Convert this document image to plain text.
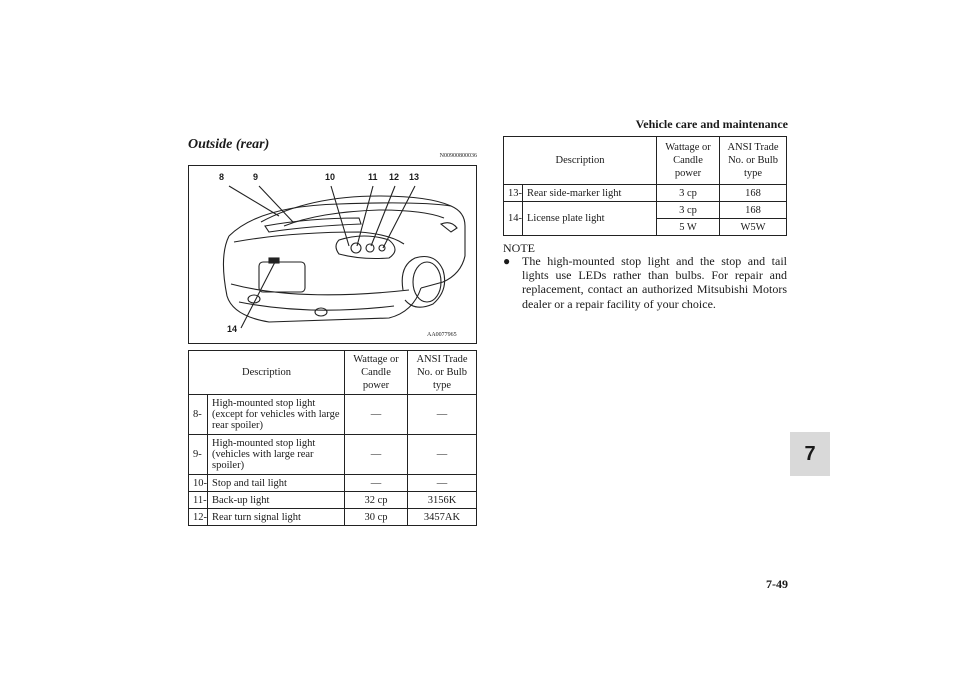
Vehicle care and maintenance
7
7-49
Outside (rear)
N00900800036
8	9	10	11 12 13
14
AA0077965
Description		Wattage or Candle power	ANSI Trade No. or Bulb type
8-	High-mounted stop light (except for vehicles with large rear spoiler)	—	—
9-	High-mounted stop light (vehicles with large rear spoiler)	—	—
10-	Stop and tail light	—	—
11-	Back-up light	32 cp	3156K
12-	Rear turn signal light	30 cp	3457AK
Description		Wattage or Candle power	ANSI Trade No. or Bulb type
13-	Rear side-marker light	3 cp	168
14-	License plate light	3 cp	168
		5 W	W5W
NOTE
● The high-mounted stop light and the stop and tail lights use LEDs rather than bulbs. For repair and replacement, contact an authorized Mitsubishi Motors dealer or a repair facility of your choice.
